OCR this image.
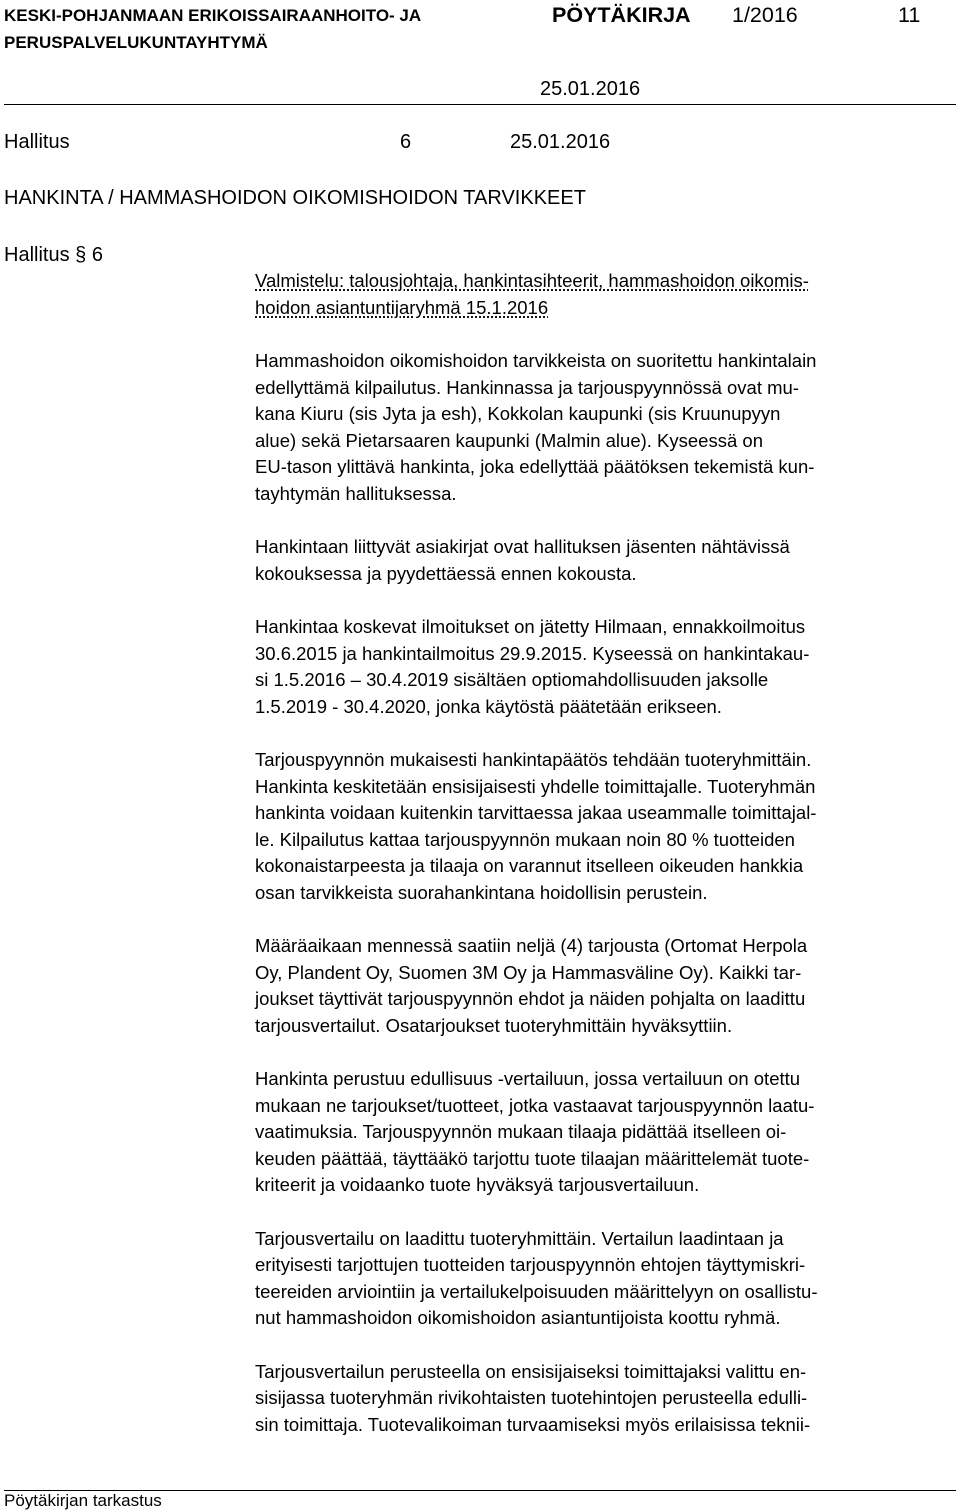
KESKI-POHJANMAAN ERIKOISSAIRAANHOITO- JA
PERUSPALVELUKUNTAYHTYMÄ
PÖYTÄKIRJA 1/2016	11
25.01.2016
Hallitus	6	25.01.2016
HANKINTA / HAMMASHOIDON OIKOMISHOIDON TARVIKKEET
Hallitus § 6
Valmistelu: talousjohtaja, hankintasihteerit, hammashoidon oikomis-
hoidon asiantuntijaryhmä 15.1.2016

Hammashoidon oikomishoidon tarvikkeista on suoritettu hankintalain
edellyttämä kilpailutus. Hankinnassa ja tarjouspyynnössä ovat mu-
kana Kiuru (sis Jyta ja esh), Kokkolan kaupunki (sis Kruunupyyn
alue) sekä Pietarsaaren kaupunki (Malmin alue). Kyseessä on
EU-tason ylittävä hankinta, joka edellyttää päätöksen tekemistä kun-
tayhtymän hallituksessa.

Hankintaan liittyvät asiakirjat ovat hallituksen jäsenten nähtävissä
kokouksessa ja pyydettäessä ennen kokousta.

Hankintaa koskevat ilmoitukset on jätetty Hilmaan, ennakkoilmoitus
30.6.2015 ja hankintailmoitus 29.9.2015. Kyseessä on hankintakau-
si 1.5.2016 – 30.4.2019 sisältäen optiomahdollisuuden jaksolle
1.5.2019 - 30.4.2020, jonka käytöstä päätetään erikseen.

Tarjouspyynnön mukaisesti hankintapäätös tehdään tuoteryhmittäin.
Hankinta keskitetään ensisijaisesti yhdelle toimittajalle. Tuoteryhmän
hankinta voidaan kuitenkin tarvittaessa jakaa useammalle toimittajal-
le. Kilpailutus kattaa tarjouspyynnön mukaan noin 80 % tuotteiden
kokonaistarpeesta ja tilaaja on varannut itselleen oikeuden hankkia
osan tarvikkeista suorahankintana hoidollisin perustein.

Määräaikaan mennessä saatiin neljä (4) tarjousta (Ortomat Herpola
Oy, Plandent Oy, Suomen 3M Oy ja Hammasväline Oy). Kaikki tar-
joukset täyttivät tarjouspyynnön ehdot ja näiden pohjalta on laadittu
tarjousvertailut. Osatarjoukset tuoteryhmittäin hyväksyttiin.

Hankinta perustuu edullisuus -vertailuun, jossa vertailuun on otettu
mukaan ne tarjoukset/tuotteet, jotka vastaavat tarjouspyynnön laatu-
vaatimuksia. Tarjouspyynnön mukaan tilaaja pidättää itselleen oi-
keuden päättää, täyttääkö tarjottu tuote tilaajan määrittelemät tuote-
kriteerit ja voidaanko tuote hyväksyä tarjousvertailuun.

Tarjousvertailu on laadittu tuoteryhmittäin. Vertailun laadintaan ja
erityisesti tarjottujen tuotteiden tarjouspyynnön ehtojen täyttymiskri-
teereiden arviointiin ja vertailukelpoisuuden määrittelyyn on osallistu-
nut hammashoidon oikomishoidon asiantuntijoista koottu ryhmä.

Tarjousvertailun perusteella on ensisijaiseksi toimittajaksi valittu en-
sisijassa tuoteryhmän rivikohtaisten tuotehintojen perusteella edulli-
sin toimittaja. Tuotevalikoiman turvaamiseksi myös erilaisissa teknii-

Pöytäkirjan tarkastus
